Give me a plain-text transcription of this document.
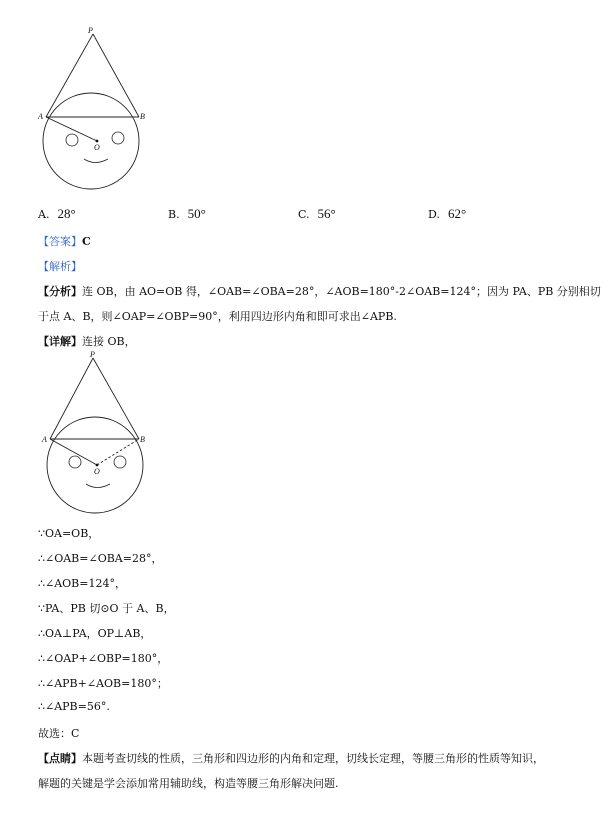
P
A	B
O
A. 28°	B. 50°	C. 56°	D. 62°
【答案】C
【解析】
【分析】连 OB，由 AO=OB 得，∠OAB=∠OBA=28°，∠AOB=180°-2∠OAB=124°；因为 PA、PB 分别相切
于点 A、B，则∠OAP=∠OBP=90°，利用四边形内角和即可求出∠APB.
【详解】连接 OB，
P
A	B
O
∵OA=OB，
∴∠OAB=∠OBA=28°，
∴∠AOB=124°，
∵PA、PB 切⊙O 于 A、B，
∴OA⊥PA，OP⊥AB，
∴∠OAP+∠OBP=180°，
∴∠APB+∠AOB=180°；
∴∠APB=56°.
故选：C
【点睛】本题考查切线的性质，三角形和四边形的内角和定理，切线长定理，等腰三角形的性质等知识，
解题的关键是学会添加常用辅助线，构造等腰三角形解决问题.
